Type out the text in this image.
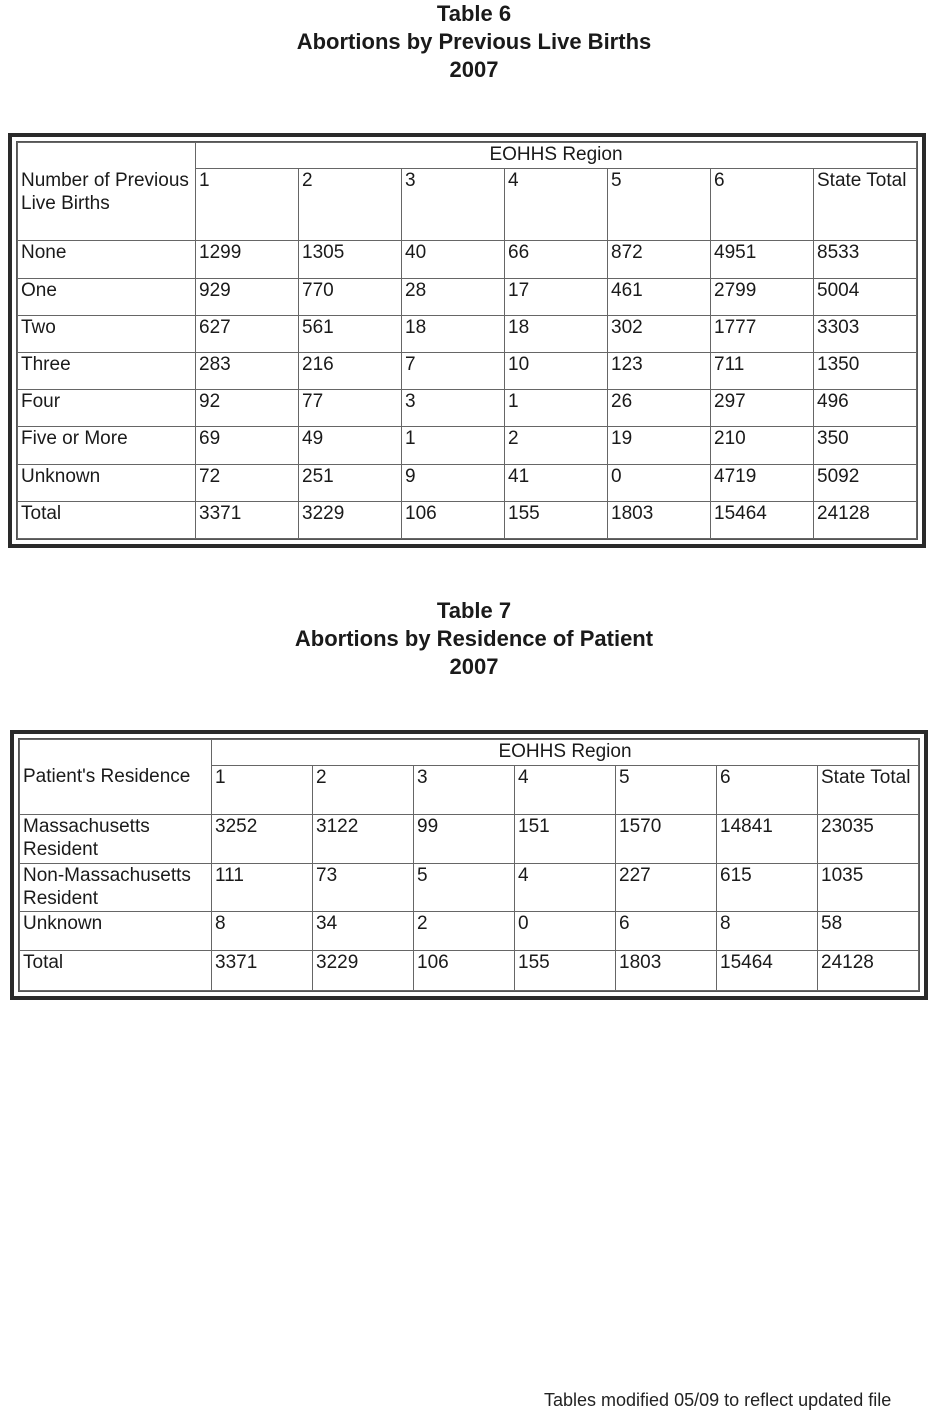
Table 6
Abortions by Previous Live Births
2007
Number of Previous Live Births	EOHHS Region						
	1	2	3	4	5	6	State Total
None	1299	1305	40	66	872	4951	8533
One	929	770	28	17	461	2799	5004
Two	627	561	18	18	302	1777	3303
Three	283	216	7	10	123	711	1350
Four	92	77	3	1	26	297	496
Five or More	69	49	1	2	19	210	350
Unknown	72	251	9	41	0	4719	5092
Total	3371	3229	106	155	1803	15464	24128
Table 7
Abortions by Residence of Patient
2007
Patient's Residence	EOHHS Region						
	1	2	3	4	5	6	State Total
Massachusetts Resident	3252	3122	99	151	1570	14841	23035
Non-Massachusetts Resident	111	73	5	4	227	615	1035
Unknown	8	34	2	0	6	8	58
Total	3371	3229	106	155	1803	15464	24128
Tables modified 05/09 to reflect updated file
